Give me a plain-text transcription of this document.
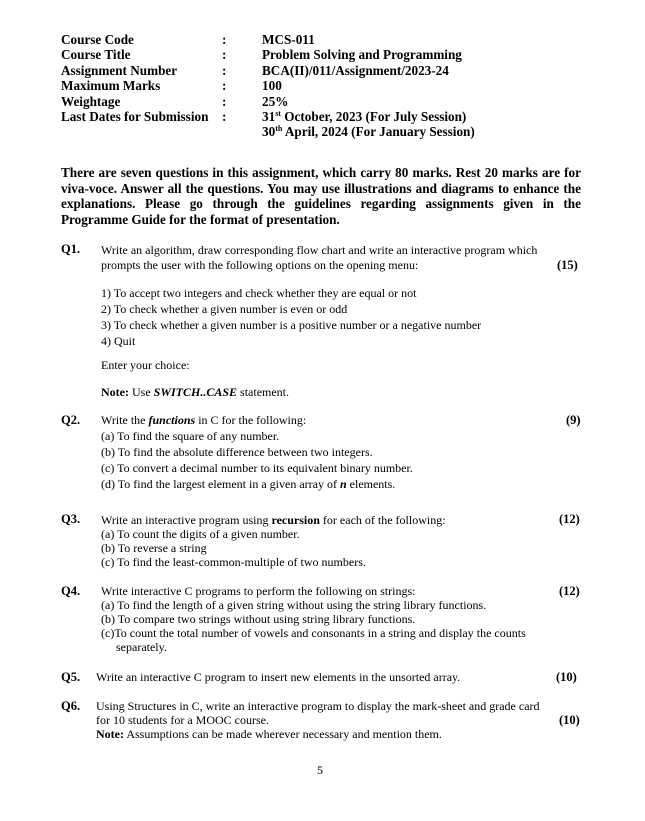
Course Code	:	MCS-011
Course Title	:	Problem Solving and Programming
Assignment Number	:	BCA(II)/011/Assignment/2023-24
Maximum Marks	:	100
Weightage	:	25%
Last Dates for Submission :	31st October, 2023 (For July Session)
30th April, 2024 (For January Session)
There are seven questions in this assignment, which carry 80 marks. Rest 20 marks are for viva-voce. Answer all the questions. You may use illustrations and diagrams to enhance the explanations. Please go through the guidelines regarding assignments given in the Programme Guide for the format of presentation.
Q1. Write an algorithm, draw corresponding flow chart and write an interactive program which
prompts the user with the following options on the opening menu:	(15)
1) To accept two integers and check whether they are equal or not
2) To check whether a given number is even or odd
3) To check whether a given number is a positive number or a negative number
4) Quit
Enter your choice:
Note: Use SWITCH..CASE statement.
Q2. Write the functions in C for the following:	(9)
(a) To find the square of any number.
(b) To find the absolute difference between two integers.
(c) To convert a decimal number to its equivalent binary number.
(d) To find the largest element in a given array of n elements.
Q3. Write an interactive program using recursion for each of the following:	(12)
(a) To count the digits of a given number.
(b) To reverse a string
(c) To find the least-common-multiple of two numbers.
Q4. Write interactive C programs to perform the following on strings:	(12)
(a) To find the length of a given string without using the string library functions.
(b) To compare two strings without using string library functions.
(c)To count the total number of vowels and consonants in a string and display the counts
separately.
Q5. Write an interactive C program to insert new elements in the unsorted array.	(10)
Q6. Using Structures in C, write an interactive program to display the mark-sheet and grade card
for 10 students for a MOOC course.	(10)
Note: Assumptions can be made wherever necessary and mention them.
5
